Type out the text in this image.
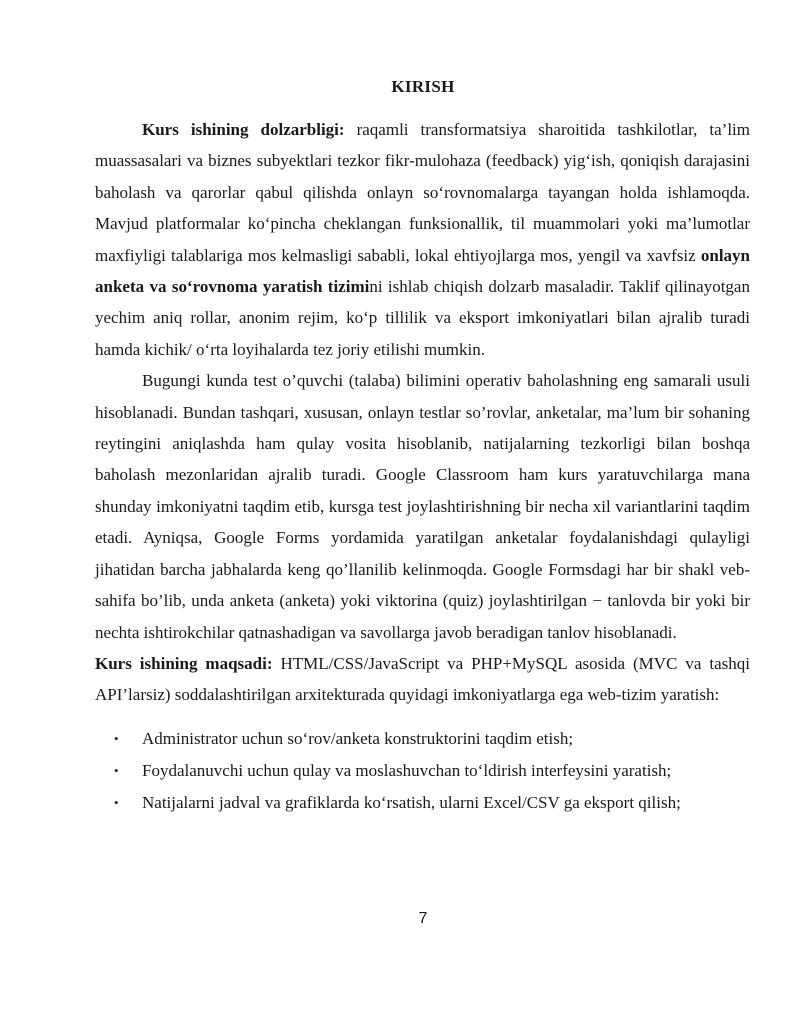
KIRISH

Kurs ishining dolzarbligi: raqamli transformatsiya sharoitida tashkilotlar, ta’lim muassasalari va biznes subyektlari tezkor fikr-mulohaza (feedback) yig‘ish, qoniqish darajasini baholash va qarorlar qabul qilishda onlayn so‘rovnomalarga tayangan holda ishlamoqda. Mavjud platformalar ko‘pincha cheklangan funksionallik, til muammolari yoki ma’lumotlar maxfiyligi talablariga mos kelmasligi sababli, lokal ehtiyojlarga mos, yengil va xavfsiz onlayn anketa va so‘rovnoma yaratish tizimini ishlab chiqish dolzarb masaladir. Taklif qilinayotgan yechim aniq rollar, anonim rejim, ko‘p tillilik va eksport imkoniyatlari bilan ajralib turadi hamda kichik/ o‘rta loyihalarda tez joriy etilishi mumkin.

Bugungi kunda test o’quvchi (talaba) bilimini operativ baholashning eng samarali usuli hisoblanadi. Bundan tashqari, xususan, onlayn testlar so’rovlar, anketalar, ma’lum bir sohaning reytingini aniqlashda ham qulay vosita hisoblanib, natijalarning tezkorligi bilan boshqa baholash mezonlaridan ajralib turadi. Google Classroom ham kurs yaratuvchilarga mana shunday imkoniyatni taqdim etib, kursga test joylashtirishning bir necha xil variantlarini taqdim etadi. Ayniqsa, Google Forms yordamida yaratilgan anketalar foydalanishdagi qulayligi jihatidan barcha jabhalarda keng qo’llanilib kelinmoqda. Google Formsdagi har bir shakl veb-sahifa bo’lib, unda anketa (anketa) yoki viktorina (quiz) joylashtirilgan − tanlovda bir yoki bir nechta ishtirokchilar qatnashadigan va savollarga javob beradigan tanlov hisoblanadi.

Kurs ishining maqsadi: HTML/CSS/JavaScript va PHP+MySQL asosida (MVC va tashqi API’larsiz) soddalashtirilgan arxitekturada quyidagi imkoniyatlarga ega web-tizim yaratish:

• Administrator uchun so‘rov/anketa konstruktorini taqdim etish;
• Foydalanuvchi uchun qulay va moslashuvchan to‘ldirish interfeysini yaratish;
• Natijalarni jadval va grafiklarda ko‘rsatish, ularni Excel/CSV ga eksport qilish;
7
